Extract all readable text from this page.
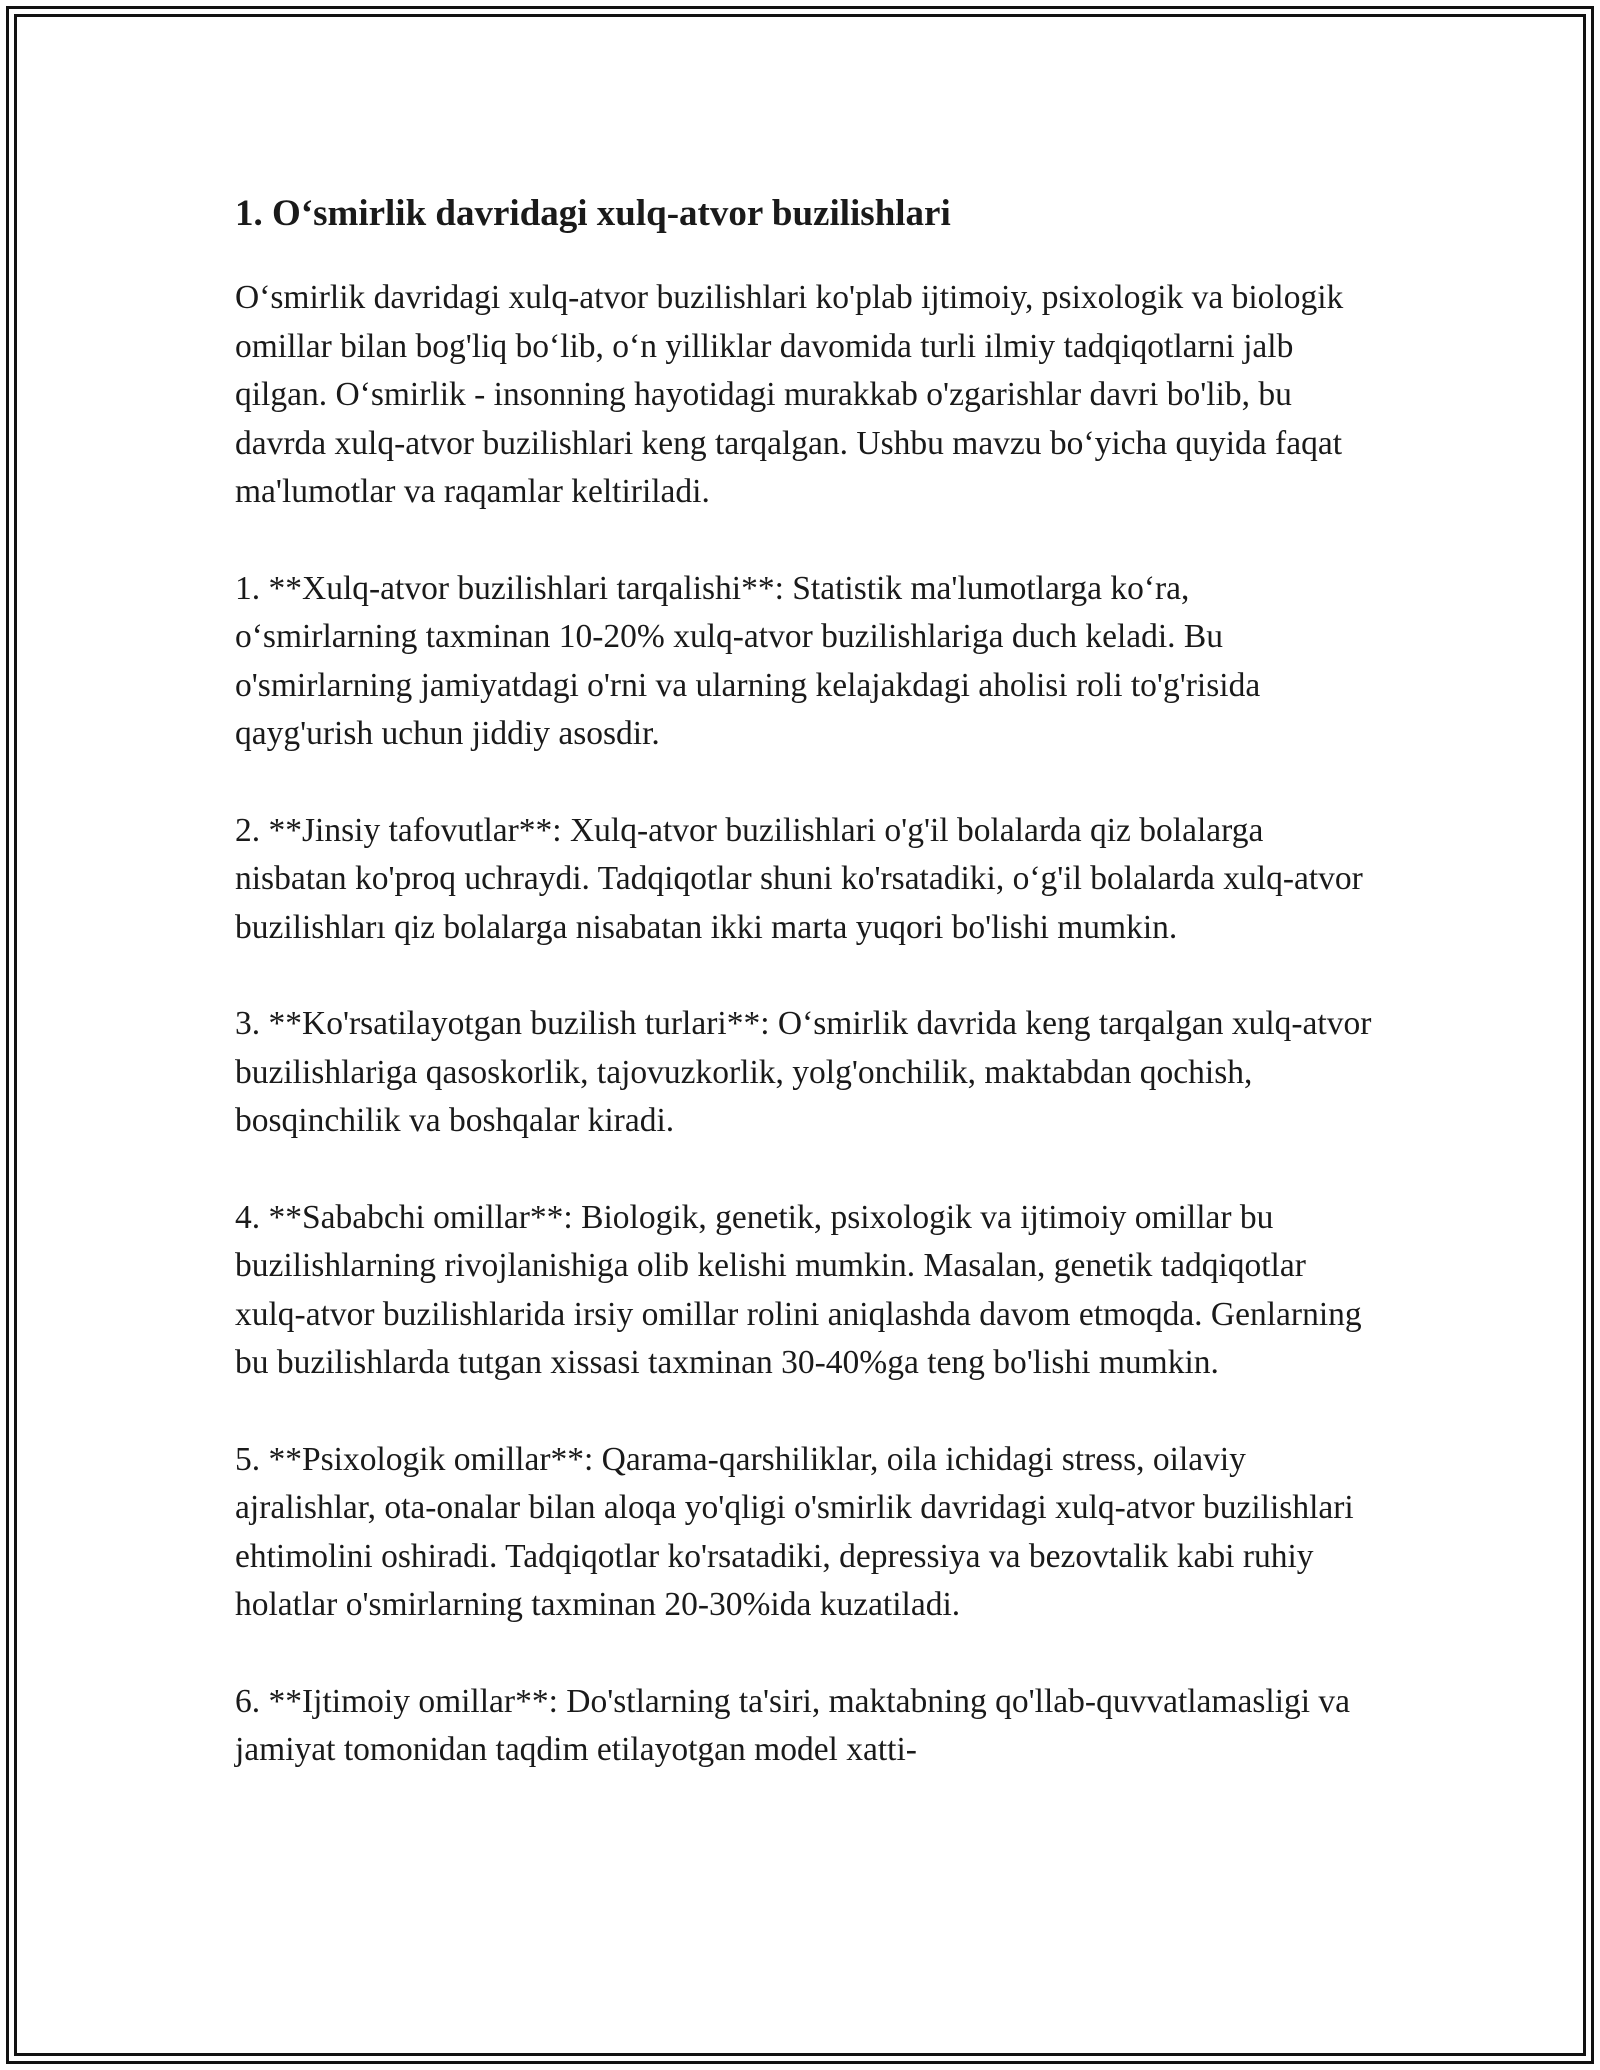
1. O‘smirlik davridagi xulq-atvor buzilishlari

O‘smirlik davridagi xulq-atvor buzilishlari ko'plab ijtimoiy, psixologik va biologik omillar bilan bog'liq bo‘lib, o‘n yilliklar davomida turli ilmiy tadqiqotlarni jalb qilgan. O‘smirlik - insonning hayotidagi murakkab o'zgarishlar davri bo'lib, bu davrda xulq-atvor buzilishlari keng tarqalgan. Ushbu mavzu bo‘yicha quyida faqat ma'lumotlar va raqamlar keltiriladi.

1. **Xulq-atvor buzilishlari tarqalishi**: Statistik ma'lumotlarga ko‘ra, o‘smirlarning taxminan 10-20% xulq-atvor buzilishlariga duch keladi. Bu o'smirlarning jamiyatdagi o'rni va ularning kelajakdagi aholisi roli to'g'risida qayg'urish uchun jiddiy asosdir.

2. **Jinsiy tafovutlar**: Xulq-atvor buzilishlari o'g'il bolalarda qiz bolalarga nisbatan ko'proq uchraydi. Tadqiqotlar shuni ko'rsatadiki, o‘g'il bolalarda xulq-atvor buzilishları qiz bolalarga nisabatan ikki marta yuqori bo'lishi mumkin.

3. **Ko'rsatilayotgan buzilish turlari**: O‘smirlik davrida keng tarqalgan xulq-atvor buzilishlariga qasoskorlik, tajovuzkorlik, yolg'onchilik, maktabdan qochish, bosqinchilik va boshqalar kiradi.

4. **Sababchi omillar**: Biologik, genetik, psixologik va ijtimoiy omillar bu buzilishlarning rivojlanishiga olib kelishi mumkin. Masalan, genetik tadqiqotlar xulq-atvor buzilishlarida irsiy omillar rolini aniqlashda davom etmoqda. Genlarning bu buzilishlarda tutgan xissasi taxminan 30-40%ga teng bo'lishi mumkin.

5. **Psixologik omillar**: Qarama-qarshiliklar, oila ichidagi stress, oilaviy ajralishlar, ota-onalar bilan aloqa yo'qligi o'smirlik davridagi xulq-atvor buzilishlari ehtimolini oshiradi. Tadqiqotlar ko'rsatadiki, depressiya va bezovtalik kabi ruhiy holatlar o'smirlarning taxminan 20-30%ida kuzatiladi.

6. **Ijtimoiy omillar**: Do'stlarning ta'siri, maktabning qo'llab-quvvatlamasligi va jamiyat tomonidan taqdim etilayotgan model xatti-
